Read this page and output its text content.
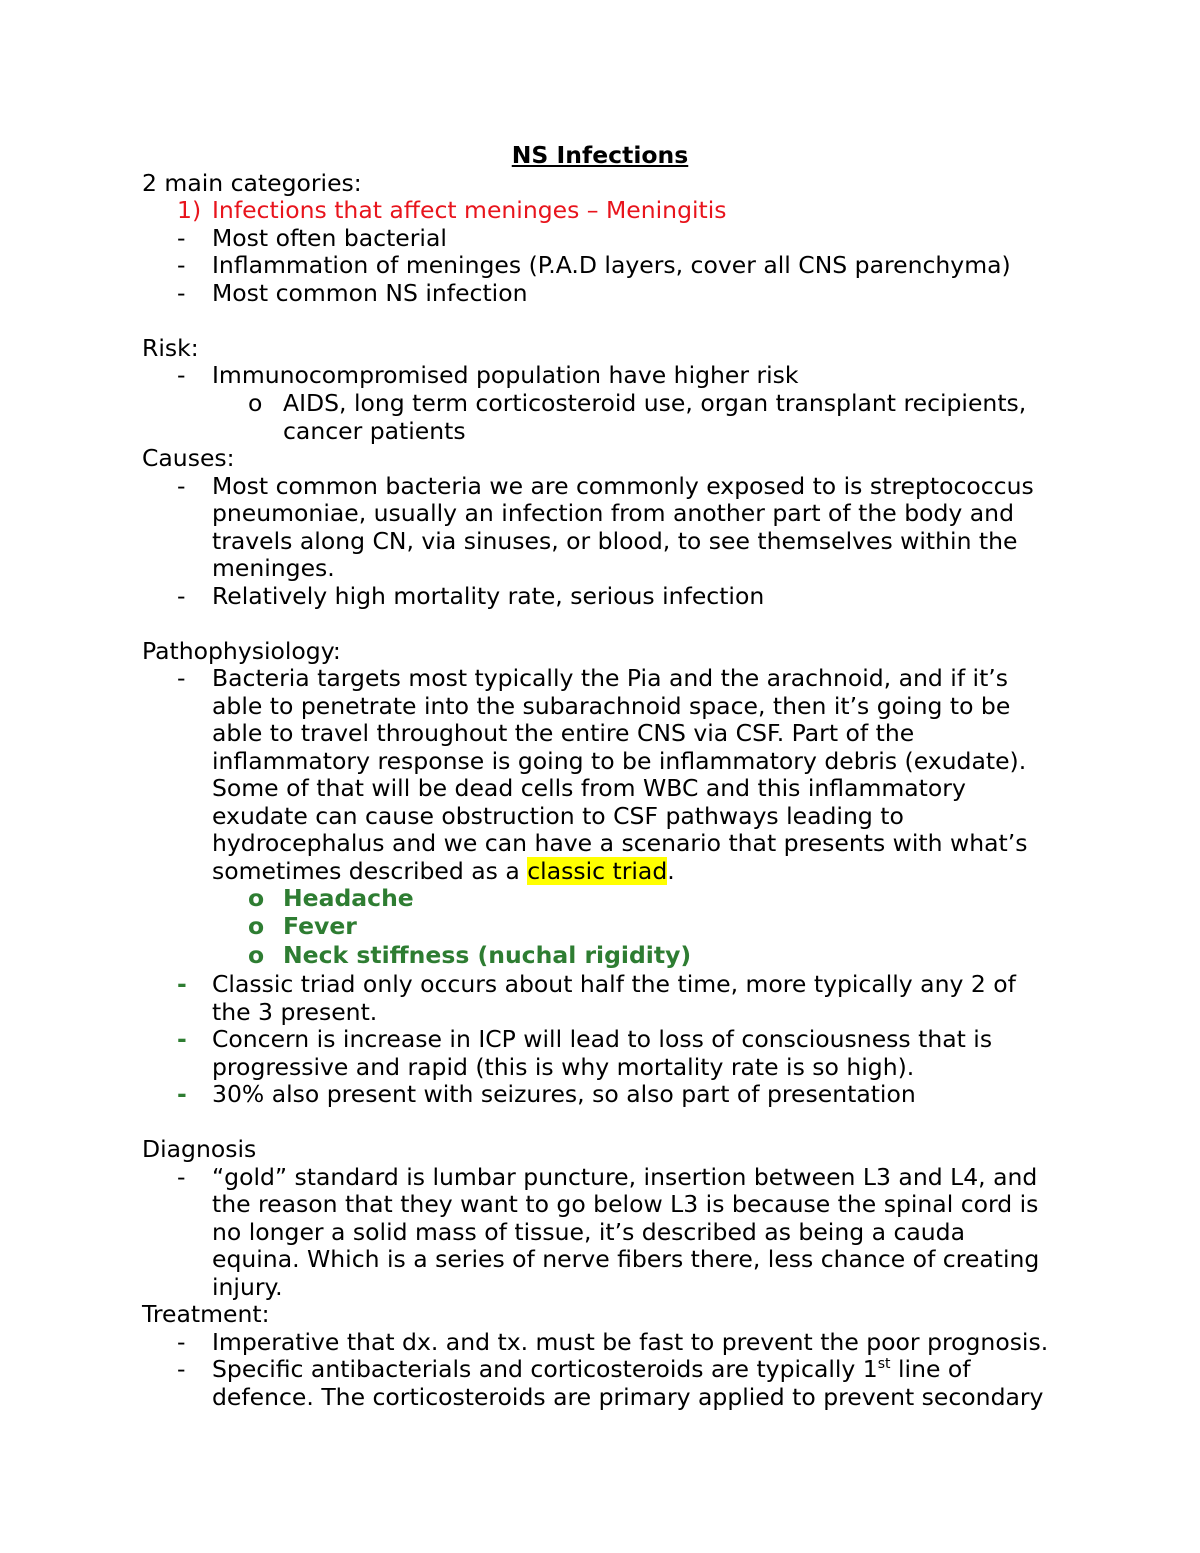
NS Infections
2 main categories:
1) Infections that affect meninges – Meningitis
- Most often bacterial
- Inflammation of meninges (P.A.D layers, cover all CNS parenchyma)
- Most common NS infection
Risk:
- Immunocompromised population have higher risk
o AIDS, long term corticosteroid use, organ transplant recipients,
cancer patients
Causes:
- Most common bacteria we are commonly exposed to is streptococcus
pneumoniae, usually an infection from another part of the body and
travels along CN, via sinuses, or blood, to see themselves within the
meninges.
- Relatively high mortality rate, serious infection
Pathophysiology:
- Bacteria targets most typically the Pia and the arachnoid, and if it’s
able to penetrate into the subarachnoid space, then it’s going to be
able to travel throughout the entire CNS via CSF. Part of the
inflammatory response is going to be inflammatory debris (exudate).
Some of that will be dead cells from WBC and this inflammatory
exudate can cause obstruction to CSF pathways leading to
hydrocephalus and we can have a scenario that presents with what’s
sometimes described as a classic triad.
o Headache
o Fever
o Neck stiffness (nuchal rigidity)
- Classic triad only occurs about half the time, more typically any 2 of
the 3 present.
- Concern is increase in ICP will lead to loss of consciousness that is
progressive and rapid (this is why mortality rate is so high).
- 30% also present with seizures, so also part of presentation
Diagnosis
- “gold” standard is lumbar puncture, insertion between L3 and L4, and
the reason that they want to go below L3 is because the spinal cord is
no longer a solid mass of tissue, it’s described as being a cauda
equina. Which is a series of nerve fibers there, less chance of creating
injury.
Treatment:
- Imperative that dx. and tx. must be fast to prevent the poor prognosis.
- Specific antibacterials and corticosteroids are typically 1st line of
defence. The corticosteroids are primary applied to prevent secondary
